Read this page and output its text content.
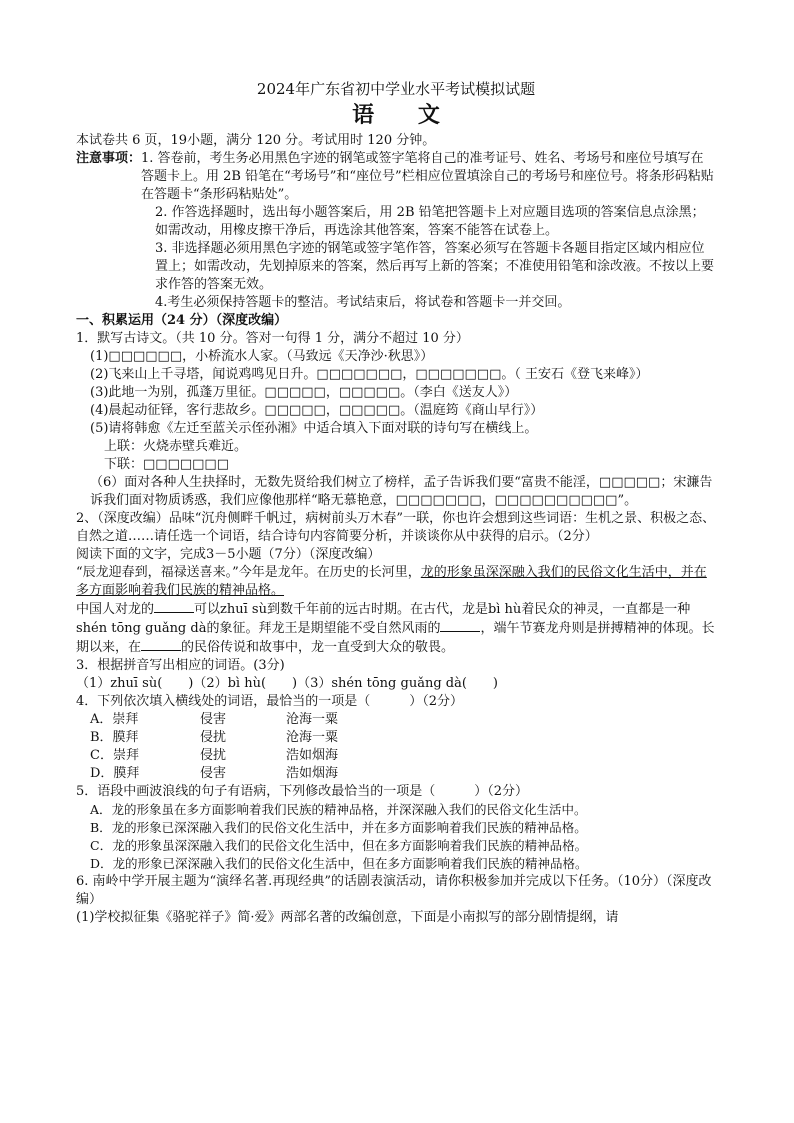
2024年广东省初中学业水平考试模拟试题

语 文

本试卷共 6 页，19小题，满分 120 分。考试用时 120 分钟。

注意事项： 1. 答卷前，考生务必用黑色字迹的钢笔或签字笔将自己的准考证号、姓名、考场号和座位号填写在答题卡上。用 2B 铅笔在“考场号”和“座位号”栏相应位置填涂自己的考场号和座位号。将条形码粘贴在答题卡“条形码粘贴处”。

2. 作答选择题时，选出每小题答案后，用 2B 铅笔把答题卡上对应题目选项的答案信息点涂黑；如需改动，用橡皮擦干净后，再选涂其他答案，答案不能答在试卷上。

3. 非选择题必须用黑色字迹的钢笔或签字笔作答，答案必须写在答题卡各题目指定区域内相应位置上；如需改动，先划掉原来的答案，然后再写上新的答案；不准使用铅笔和涂改液。不按以上要求作答的答案无效。

4.考生必须保持答题卡的整洁。考试结束后，将试卷和答题卡一并交回。

一、积累运用（24 分）（深度改编）

1．默写古诗文。（共 10 分。答对一句得 1 分，满分不超过 10 分）

(1)□□□□□□，小桥流水人家。（马致远《天净沙·秋思》）

(2)飞来山上千寻塔，闻说鸡鸣见日升。□□□□□□□，□□□□□□□。（ 王安石《登飞来峰》）

(3)此地一为别，孤蓬万里征。□□□□□，□□□□□。（李白《送友人》）

(4)晨起动征铎，客行悲故乡。□□□□□，□□□□□。（温庭筠《商山早行》）

(5)请将韩愈《左迁至蓝关示侄孙湘》中适合填入下面对联的诗句写在横线上。

上联：火烧赤壁兵难近。

下联：□□□□□□□

（6）面对各种人生抉择时，无数先贤给我们树立了榜样，孟子告诉我们要“富贵不能淫，□□□□□；宋濂告诉我们面对物质诱惑，我们应像他那样“略无慕艳意，□□□□□□□，□□□□□□□□□□”。

2、（深度改编）品味“沉舟侧畔千帆过，病树前头万木春”一联，你也许会想到这些词语：生机之景、积极之态、自然之道……请任选一个词语，结合诗句内容简要分析，并谈谈你从中获得的启示。（2分）

阅读下面的文字，完成3－5小题（7分）（深度改编）

“辰龙迎春到，福禄送喜来。”今年是龙年。在历史的长河里，龙的形象虽深深融入我们的民俗文化生活中，并在多方面影响着我们民族的精神品格。

中国人对龙的	可以zhuī sù到数千年前的远古时期。在古代，龙是bì hù着民众的神灵，一直都是一种shén tōng guǎng dà的象征。拜龙王是期望能不受自然风雨的	，端午节赛龙舟则是拼搏精神的体现。长期以来，在	的民俗传说和故事中，龙一直受到大众的敬畏。

3．根据拼音写出相应的词语。(3分)

（1）zhuī sù(　　)（2）bì hù(　　)（3）shén tōng guǎng dà(　　)

4．下列依次填入横线处的词语，最恰当的一项是（　　　）（2分）

A．崇拜	侵害	沧海一粟
B．膜拜	侵扰	沧海一粟
C．崇拜	侵扰	浩如烟海
D．膜拜	侵害	浩如烟海

5．语段中画波浪线的句子有语病，下列修改最恰当的一项是（　　　）（2分）

A．龙的形象虽在多方面影响着我们民族的精神品格，并深深融入我们的民俗文化生活中。

B．龙的形象已深深融入我们的民俗文化生活中，并在多方面影响着我们民族的精神品格。

C．龙的形象虽深深融入我们的民俗文化生活中，但在多方面影响着我们民族的精神品格。

D．龙的形象已深深融入我们的民俗文化生活中，但在多方面影响着我们民族的精神品格。

6. 南岭中学开展主题为“演绎名著.再现经典”的话剧表演活动，请你积极参加并完成以下任务。（10分）（深度改编）

(1)学校拟征集《骆驼祥子》简·爱》两部名著的改编创意，下面是小南拟写的部分剧情提纲，请
